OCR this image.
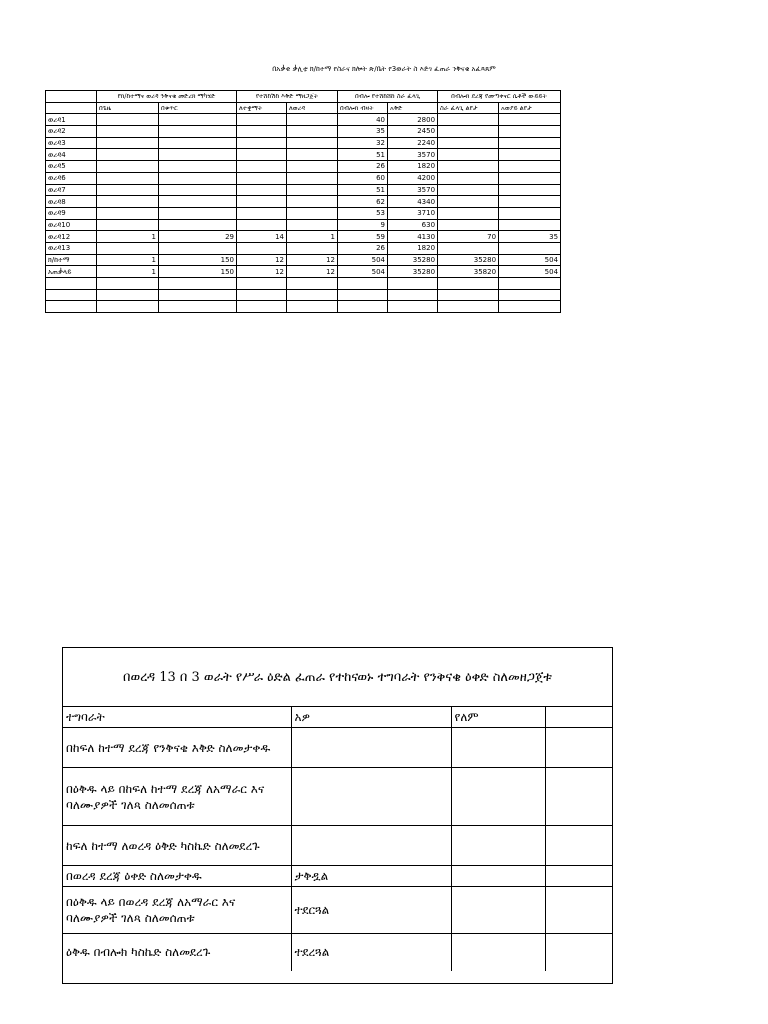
በአቃቂ ቃሊቲ ክ/ከተማ የስራና ክሎት ጽ/ቤት የ3ወራት ስ እድገ ፈጠራ ንቅናቄ አፈጻጸም
	የክ/ከተማና ወረዳ ንቅናቄ መድረክ ማካሄድ		የተሸከሽከ እቅድ ማዘጋጀት		በብሎ የተሸከሸከ ስራ ፈላጊ		በብሎክ ደረጃ የመጣቀናር ሴቶች ውይይት	
	በጌዜ	በቁጥር	ለተቋማት	ለወረዳ	በብሎክ ብዛት	አቅድ	ስራ ፈላጊ ልየታ	አወያይ ልየታ
ወረዳ1					40	2800		
ወረዳ2					35	2450		
ወረዳ3					32	2240		
ወረዳ4					51	3570		
ወረዳ5					26	1820		
ወረዳ6					60	4200		
ወረዳ7					51	3570		
ወረዳ8					62	4340		
ወረዳ9					53	3710		
ወረዳ10					9	630		
ወረዳ12	1	29	14	1	59	4130	70	35
ወረዳ13					26	1820		
ክ/ከተማ	1	150	12	12	504	35280	35280	504
አጠቃላይ	1	150	12	12	504	35280	35820	504

በወረዳ 13 በ 3 ወራት የሥራ ዕድል ፈጠራ የተከናወኑ ተግባራት የንቅናቄ ዕቀድ ስለመዘጋጀቱ
ተግባራት	አዎ	የለም	
በከፍለ ከተማ ደረጃ የንቅናቄ እቅድ ስለመታቀዱ			
በዕቅዱ ላይ በከፍለ ከተማ ደረጃ ለአማራር እና ባለሙያዎች ገለጻ ስለመሰጠቱ			
ከፍለ ከተማ ለወረዳ ዕቅድ ካስኬድ ስለመደረጉ			
በወረዳ ደረጃ ዕቀድ ስለመታቀዱ	ታቅዷል		
በዕቅዱ ላይ በወረዳ ደረጃ ለአማራር እና ባለሙያዎች ገለጻ ስለመሰጠቱ	ተደርጓል		
ዕቅዱ በብሎክ ካስኬድ ስለመደረጉ	ተደረጓል		
